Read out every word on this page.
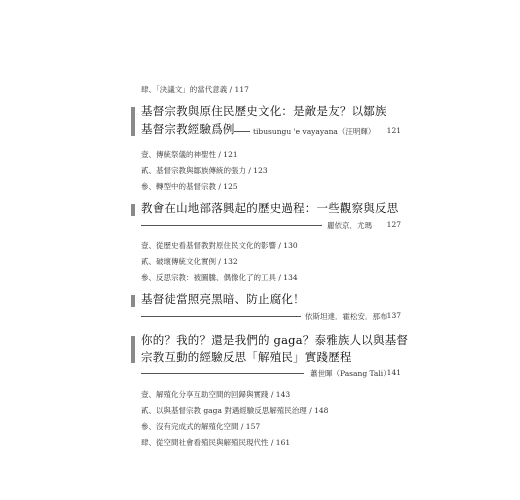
肆、「決議文」的當代意義 / 117
基督宗教與原住民歷史文化：是敵是友？以鄒族
基督宗教經驗爲例 tibusungu 'e vayayana（汪明輝） 121
壹、傳統祭儀的神聖性 / 121
貳、基督宗教與鄒族傳統的張力 / 123
參、轉型中的基督宗教 / 125
教會在山地部落興起的歷史過程：一些觀察與反思
麗依京．尤瑪 127
壹、從歷史看基督教對原住民文化的影響 / 130
貳、破壞傳統文化實例 / 132
參、反思宗教：被圖騰、偶像化了的工具 / 134
基督徒當照亮黑暗、防止腐化！
依斯坦達．霍松安．那布 137
你的？我的？還是我們的 gaga？泰雅族人以與基督
宗教互動的經驗反思「解殖民」實踐歷程
蕭世暉（Pasang Tali）
141
壹、解殖化分享互助空間的回歸與實踐 / 143
貳、以與基督宗教 gaga 對遇經驗反思解殖民治理 / 148
參、沒有完成式的解殖化空間 / 157
肆、從空間社會看殖民與解殖民現代性 / 161
